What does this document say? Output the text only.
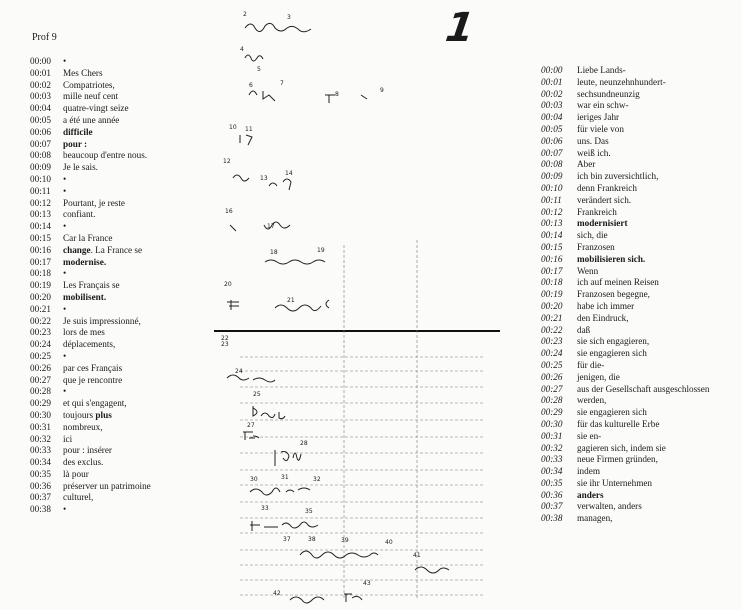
Prof 9	1
00:00	•
00:01	Mes Chers
00:02	Compatriotes,
00:03	mille neuf cent
00:04	quatre-vingt seize
00:05	a été une année
00:06	difficile
00:07	pour :
00:08	beaucoup d'entre nous.
00:09	Je le sais.
00:10	•
00:11	•
00:12	Pourtant, je reste
00:13	confiant.
00:14	•
00:15	Car la France
00:16	change. La France se
00:17	modernise.
00:18	•
00:19	Les Français se
00:20	mobilisent.
00:21	•
00:22	Je suis impressionné,
00:23	lors de mes
00:24	déplacements,
00:25	•
00:26	par ces Français
00:27	que je rencontre
00:28	•
00:29	et qui s'engagent,
00:30	toujours plus
00:31	nombreux,
00:32	ici
00:33	pour : insérer
00:34	des exclus.
00:35	là pour
00:36	préserver un patrimoine
00:37	culturel,
00:38	•
2	3
4
5
6	7
8
9
10 11
12
13
14
16
17
18	19
20
21
22
23
24
25
27
28
30	31	32
33	35
37	38	39	40
41
42
43
00:00	Liebe Lands-
00:01	leute, neunzehnhundert-
00:02	sechsundneunzig
00:03	war ein schw-
00:04	ieriges Jahr
00:05	für viele von
00:06	uns. Das
00:07	weiß ich.
00:08	Aber
00:09	ich bin zuversichtlich,
00:10	denn Frankreich
00:11	verändert sich.
00:12	Frankreich
00:13	modernisiert
00:14	sich, die
00:15	Franzosen
00:16	mobilisieren sich.
00:17	Wenn
00:18	ich auf meinen Reisen
00:19	Franzosen begegne,
00:20	habe ich immer
00:21	den Eindruck,
00:22	daß
00:23	sie sich engagieren,
00:24	sie engagieren sich
00:25	für die-
00:26	jenigen, die
00:27	aus der Gesellschaft ausgeschlossen
00:28	werden,
00:29	sie engagieren sich
00:30	für das kulturelle Erbe
00:31	sie en-
00:32	gagieren sich, indem sie
00:33	neue Firmen gründen,
00:34	indem
00:35	sie ihr Unternehmen
00:36	anders
00:37	verwalten, anders
00:38	managen,
